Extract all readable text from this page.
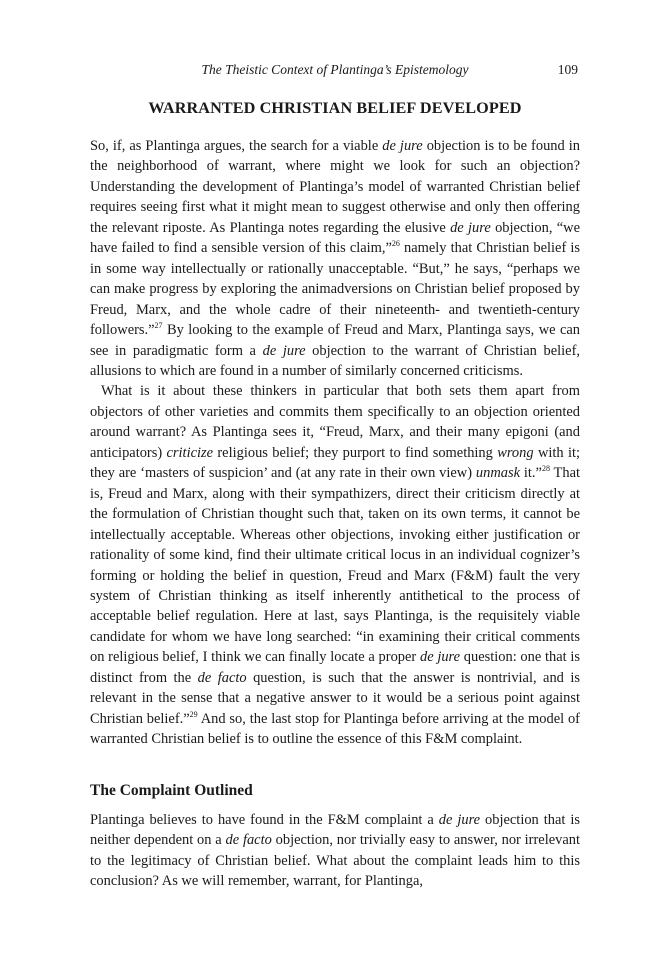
The Theistic Context of Plantinga’s Epistemology	109
WARRANTED CHRISTIAN BELIEF DEVELOPED

So, if, as Plantinga argues, the search for a viable de jure objection is to be found in the neighborhood of warrant, where might we look for such an objection? Understanding the development of Plantinga’s model of warranted Christian belief requires seeing first what it might mean to suggest otherwise and only then offering the relevant riposte. As Plantinga notes regarding the elusive de jure objection, “we have failed to find a sensible version of this claim,”$^{26}$ namely that Christian belief is in some way intellectually or rationally unacceptable. “But,” he says, “perhaps we can make progress by exploring the animadversions on Christian belief proposed by Freud, Marx, and the whole cadre of their nineteenth- and twentieth-century followers.”$^{27}$ By looking to the example of Freud and Marx, Plantinga says, we can see in paradigmatic form a de jure objection to the warrant of Christian belief, allusions to which are found in a number of similarly concerned criticisms.

What is it about these thinkers in particular that both sets them apart from objectors of other varieties and commits them specifically to an objection oriented around warrant? As Plantinga sees it, “Freud, Marx, and their many epigoni (and anticipators) criticize religious belief; they purport to find something wrong with it; they are ‘masters of suspicion’ and (at any rate in their own view) unmask it.”$^{28}$ That is, Freud and Marx, along with their sympathizers, direct their criticism directly at the formulation of Christian thought such that, taken on its own terms, it cannot be intellectually acceptable. Whereas other objections, invoking either justification or rationality of some kind, find their ultimate critical locus in an individual cognizer’s forming or holding the belief in question, Freud and Marx (F&M) fault the very system of Christian thinking as itself inherently antithetical to the process of acceptable belief regulation. Here at last, says Plantinga, is the requisitely viable candidate for whom we have long searched: “in examining their critical comments on religious belief, I think we can finally locate a proper de jure question: one that is distinct from the de facto question, is such that the answer is nontrivial, and is relevant in the sense that a negative answer to it would be a serious point against Christian belief.”$^{29}$ And so, the last stop for Plantinga before arriving at the model of warranted Christian belief is to outline the essence of this F&M complaint.

The Complaint Outlined

Plantinga believes to have found in the F&M complaint a de jure objection that is neither dependent on a de facto objection, nor trivially easy to answer, nor irrelevant to the legitimacy of Christian belief. What about the complaint leads him to this conclusion? As we will remember, warrant, for Plantinga,
